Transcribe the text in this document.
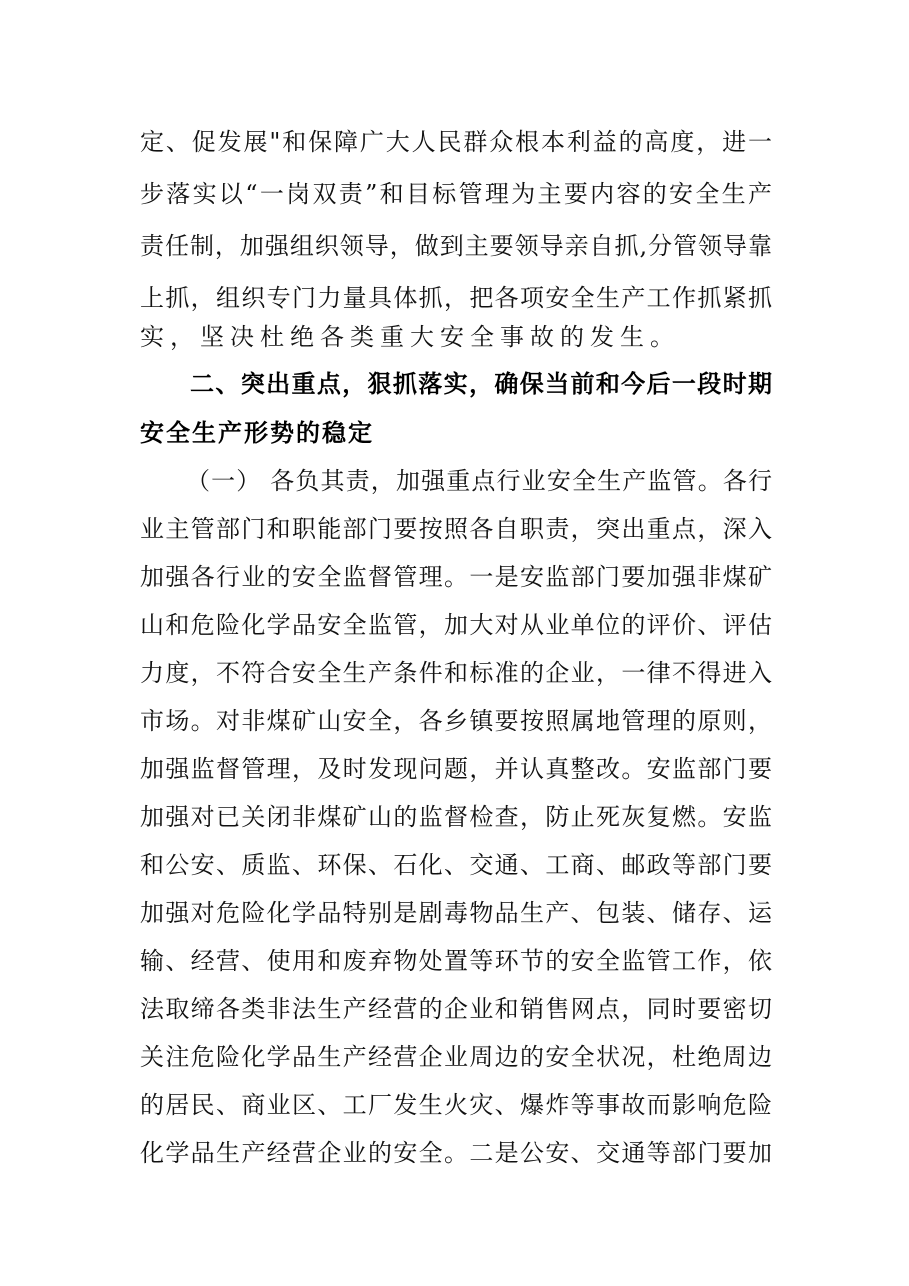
定、促发展"和保障广大人民群众根本利益的高度，进一
步落实以“一岗双责”和目标管理为主要内容的安全生产
责任制，加强组织领导，做到主要领导亲自抓,分管领导靠
上抓，组织专门力量具体抓，把各项安全生产工作抓紧抓
实，坚决杜绝各类重大安全事故的发生。
二、突出重点，狠抓落实，确保当前和今后一段时期
安全生产形势的稳定
（一） 各负其责，加强重点行业安全生产监管。各行
业主管部门和职能部门要按照各自职责，突出重点，深入
加强各行业的安全监督管理。一是安监部门要加强非煤矿
山和危险化学品安全监管，加大对从业单位的评价、评估
力度，不符合安全生产条件和标准的企业，一律不得进入
市场。对非煤矿山安全，各乡镇要按照属地管理的原则，
加强监督管理，及时发现问题，并认真整改。安监部门要
加强对已关闭非煤矿山的监督检查，防止死灰复燃。安监
和公安、质监、环保、石化、交通、工商、邮政等部门要
加强对危险化学品特别是剧毒物品生产、包装、储存、运
输、经营、使用和废弃物处置等环节的安全监管工作，依
法取缔各类非法生产经营的企业和销售网点，同时要密切
关注危险化学品生产经营企业周边的安全状况，杜绝周边
的居民、商业区、工厂发生火灾、爆炸等事故而影响危险
化学品生产经营企业的安全。二是公安、交通等部门要加
